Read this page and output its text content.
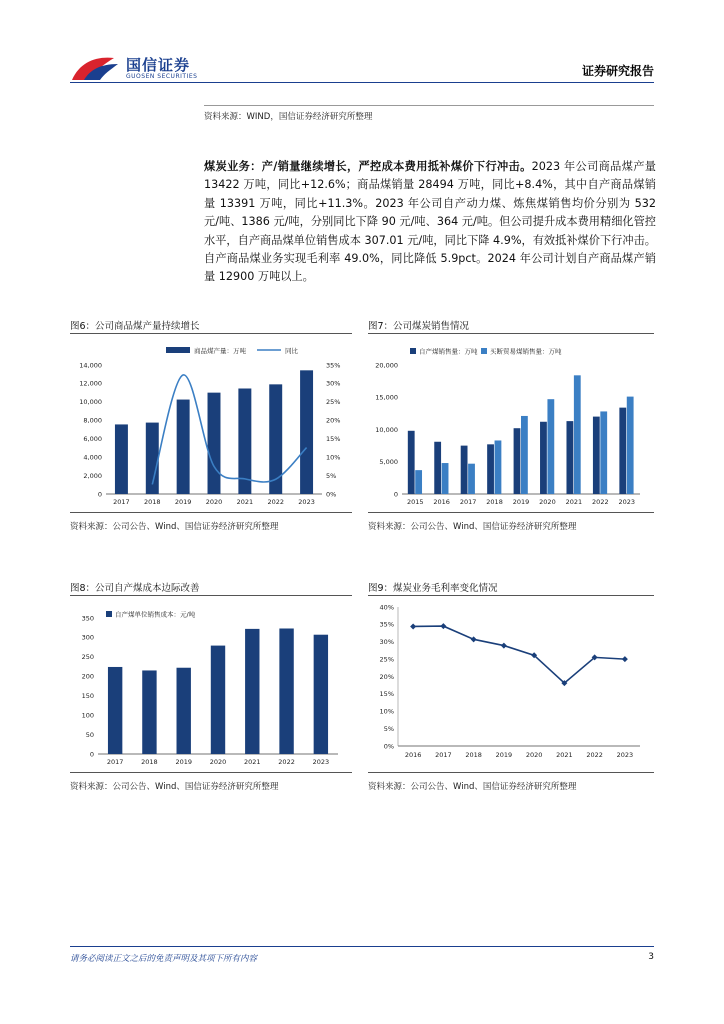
国信证券
GUOSEN SECURITIES	证券研究报告
资料来源：WIND，国信证券经济研究所整理
煤炭业务：产/销量继续增长，严控成本费用抵补煤价下行冲击。2023 年公司商品煤产量 13422 万吨，同比+12.6%；商品煤销量 28494 万吨，同比+8.4%，其中自产商品煤销量 13391 万吨，同比+11.3%。2023 年公司自产动力煤、炼焦煤销售均价分别为 532 元/吨、1386 元/吨，分别同比下降 90 元/吨、364 元/吨。但公司提升成本费用精细化管控水平，自产商品煤单位销售成本 307.01 元/吨，同比下降 4.9%，有效抵补煤价下行冲击。自产商品煤业务实现毛利率 49.0%，同比降低 5.9pct。2024 年公司计划自产商品煤产销量 12900 万吨以上。
图6：公司商品煤产量持续增长
0
2,000
4,000
6,000
8,000
10,000
12,000
14,000
0%
5%
10%
15%
20%
25%
30%
35%
2017 2018 2019 2020 2021 2022 2023
商品煤产量：万吨	同比
资料来源：公司公告、Wind、国信证券经济研究所整理
图7：公司煤炭销售情况
0
5,000
10,000
15,000
20,000
2015 2016 2017 2018 2019 2020 2021 2022 2023
自产煤销售量：万吨 买断贸易煤销售量：万吨
资料来源：公司公告、Wind、国信证券经济研究所整理
图8：公司自产煤成本边际改善
0
50
100
150
200
250
300
350
2017	2018	2019	2020	2021	2022	2023
自产煤单位销售成本：元/吨
资料来源：公司公告、Wind、国信证券经济研究所整理
图9：煤炭业务毛利率变化情况
0%
5%
10%
15%
20%
25%
30%
35%
40%
2016 2017 2018 2019 2020 2021 2022 2023
资料来源：公司公告、Wind、国信证券经济研究所整理
请务必阅读正文之后的免责声明及其项下所有内容	3
